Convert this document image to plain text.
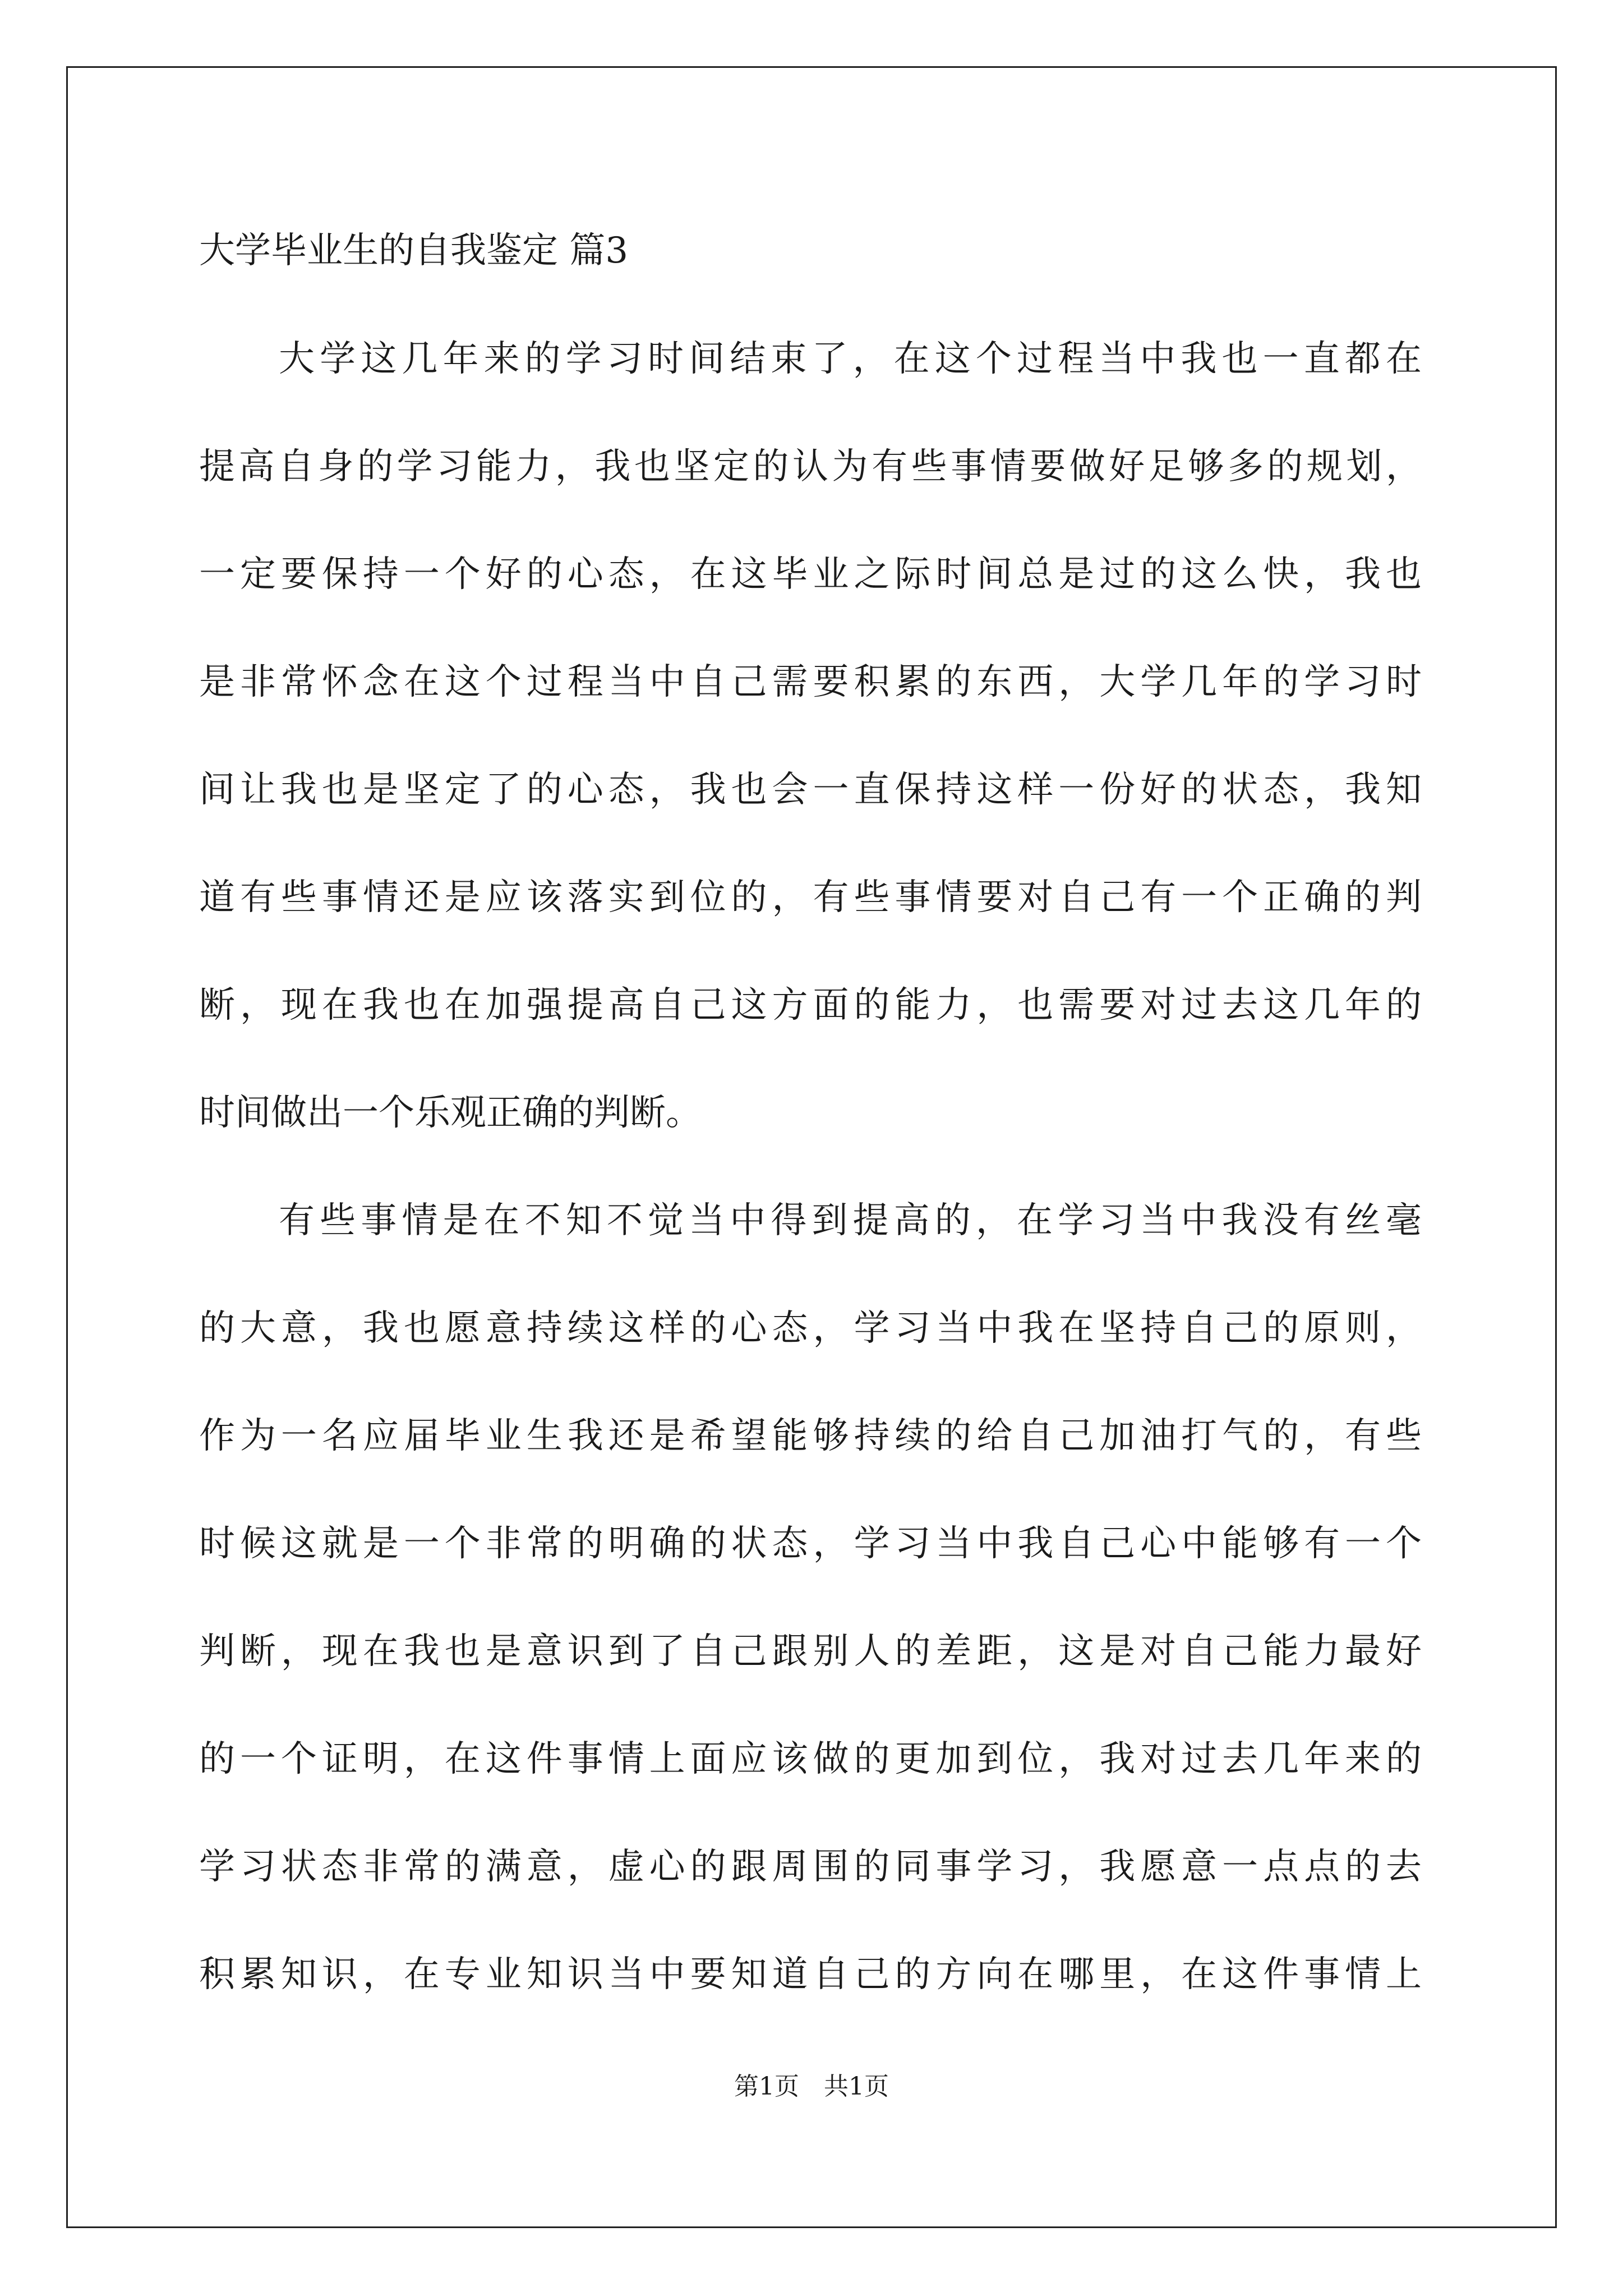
大学毕业生的自我鉴定 篇3
大学这几年来的学习时间结束了，在这个过程当中我也一直都在
提高自身的学习能力，我也坚定的认为有些事情要做好足够多的规划，
一定要保持一个好的心态，在这毕业之际时间总是过的这么快，我也
是非常怀念在这个过程当中自己需要积累的东西，大学几年的学习时
间让我也是坚定了的心态，我也会一直保持这样一份好的状态，我知
道有些事情还是应该落实到位的，有些事情要对自己有一个正确的判
断，现在我也在加强提高自己这方面的能力，也需要对过去这几年的
时间做出一个乐观正确的判断。
有些事情是在不知不觉当中得到提高的，在学习当中我没有丝毫
的大意，我也愿意持续这样的心态，学习当中我在坚持自己的原则，
作为一名应届毕业生我还是希望能够持续的给自己加油打气的，有些
时候这就是一个非常的明确的状态，学习当中我自己心中能够有一个
判断，现在我也是意识到了自己跟别人的差距，这是对自己能力最好
的一个证明，在这件事情上面应该做的更加到位，我对过去几年来的
学习状态非常的满意，虚心的跟周围的同事学习，我愿意一点点的去
积累知识，在专业知识当中要知道自己的方向在哪里，在这件事情上
第1页　共1页
